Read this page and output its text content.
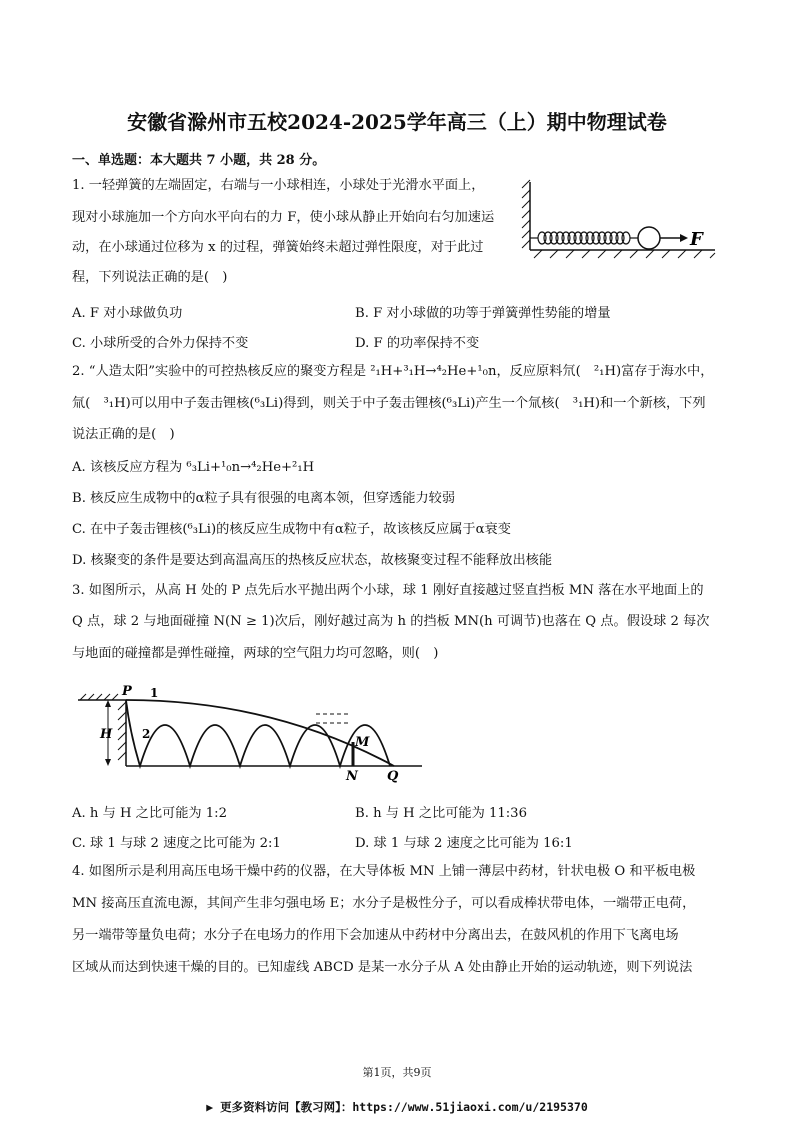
安徽省滁州市五校2024-2025学年高三（上）期中物理试卷
一、单选题：本大题共 7 小题，共 28 分。
1. 一轻弹簧的左端固定，右端与一小球相连，小球处于光滑水平面上，
现对小球施加一个方向水平向右的力 F，使小球从静止开始向右匀加速运
动，在小球通过位移为 x 的过程，弹簧始终未超过弹性限度，对于此过
程，下列说法正确的是(　)
F
A. F 对小球做负功	B. F 对小球做的功等于弹簧弹性势能的增量
C. 小球所受的合外力保持不变	D. F 的功率保持不变
2. “人造太阳”实验中的可控热核反应的聚变方程是 ²₁H+³₁H→⁴₂He+¹₀n，反应原料氘(　²₁H)富存于海水中，
氚(　³₁H)可以用中子轰击锂核(⁶₃Li)得到，则关于中子轰击锂核(⁶₃Li)产生一个氚核(　³₁H)和一个新核，下列
说法正确的是(　)
A. 该核反应方程为 ⁶₃Li+¹₀n→⁴₂He+²₁H
B. 核反应生成物中的α粒子具有很强的电离本领，但穿透能力较弱
C. 在中子轰击锂核(⁶₃Li)的核反应生成物中有α粒子，故该核反应属于α衰变
D. 核聚变的条件是要达到高温高压的热核反应状态，故核聚变过程不能释放出核能
3. 如图所示，从高 H 处的 P 点先后水平抛出两个小球，球 1 刚好直接越过竖直挡板 MN 落在水平地面上的
Q 点，球 2 与地面碰撞 N(N ≥ 1)次后，刚好越过高为 h 的挡板 MN(h 可调节)也落在 Q 点。假设球 2 每次
与地面的碰撞都是弹性碰撞，两球的空气阻力均可忽略，则(　)
H
P 1
2
M
N Q
A. h 与 H 之比可能为 1:2	B. h 与 H 之比可能为 11:36
C. 球 1 与球 2 速度之比可能为 2:1	D. 球 1 与球 2 速度之比可能为 16:1
4. 如图所示是利用高压电场干燥中药的仪器，在大导体板 MN 上铺一薄层中药材，针状电极 O 和平板电极
MN 接高压直流电源，其间产生非匀强电场 E；水分子是极性分子，可以看成棒状带电体，一端带正电荷，
另一端带等量负电荷；水分子在电场力的作用下会加速从中药材中分离出去，在鼓风机的作用下飞离电场
区域从而达到快速干燥的目的。已知虚线 ABCD 是某一水分子从 A 处由静止开始的运动轨迹，则下列说法
第1页，共9页
▶ 更多资料访问【教习网】：https://www.51jiaoxi.com/u/2195370
